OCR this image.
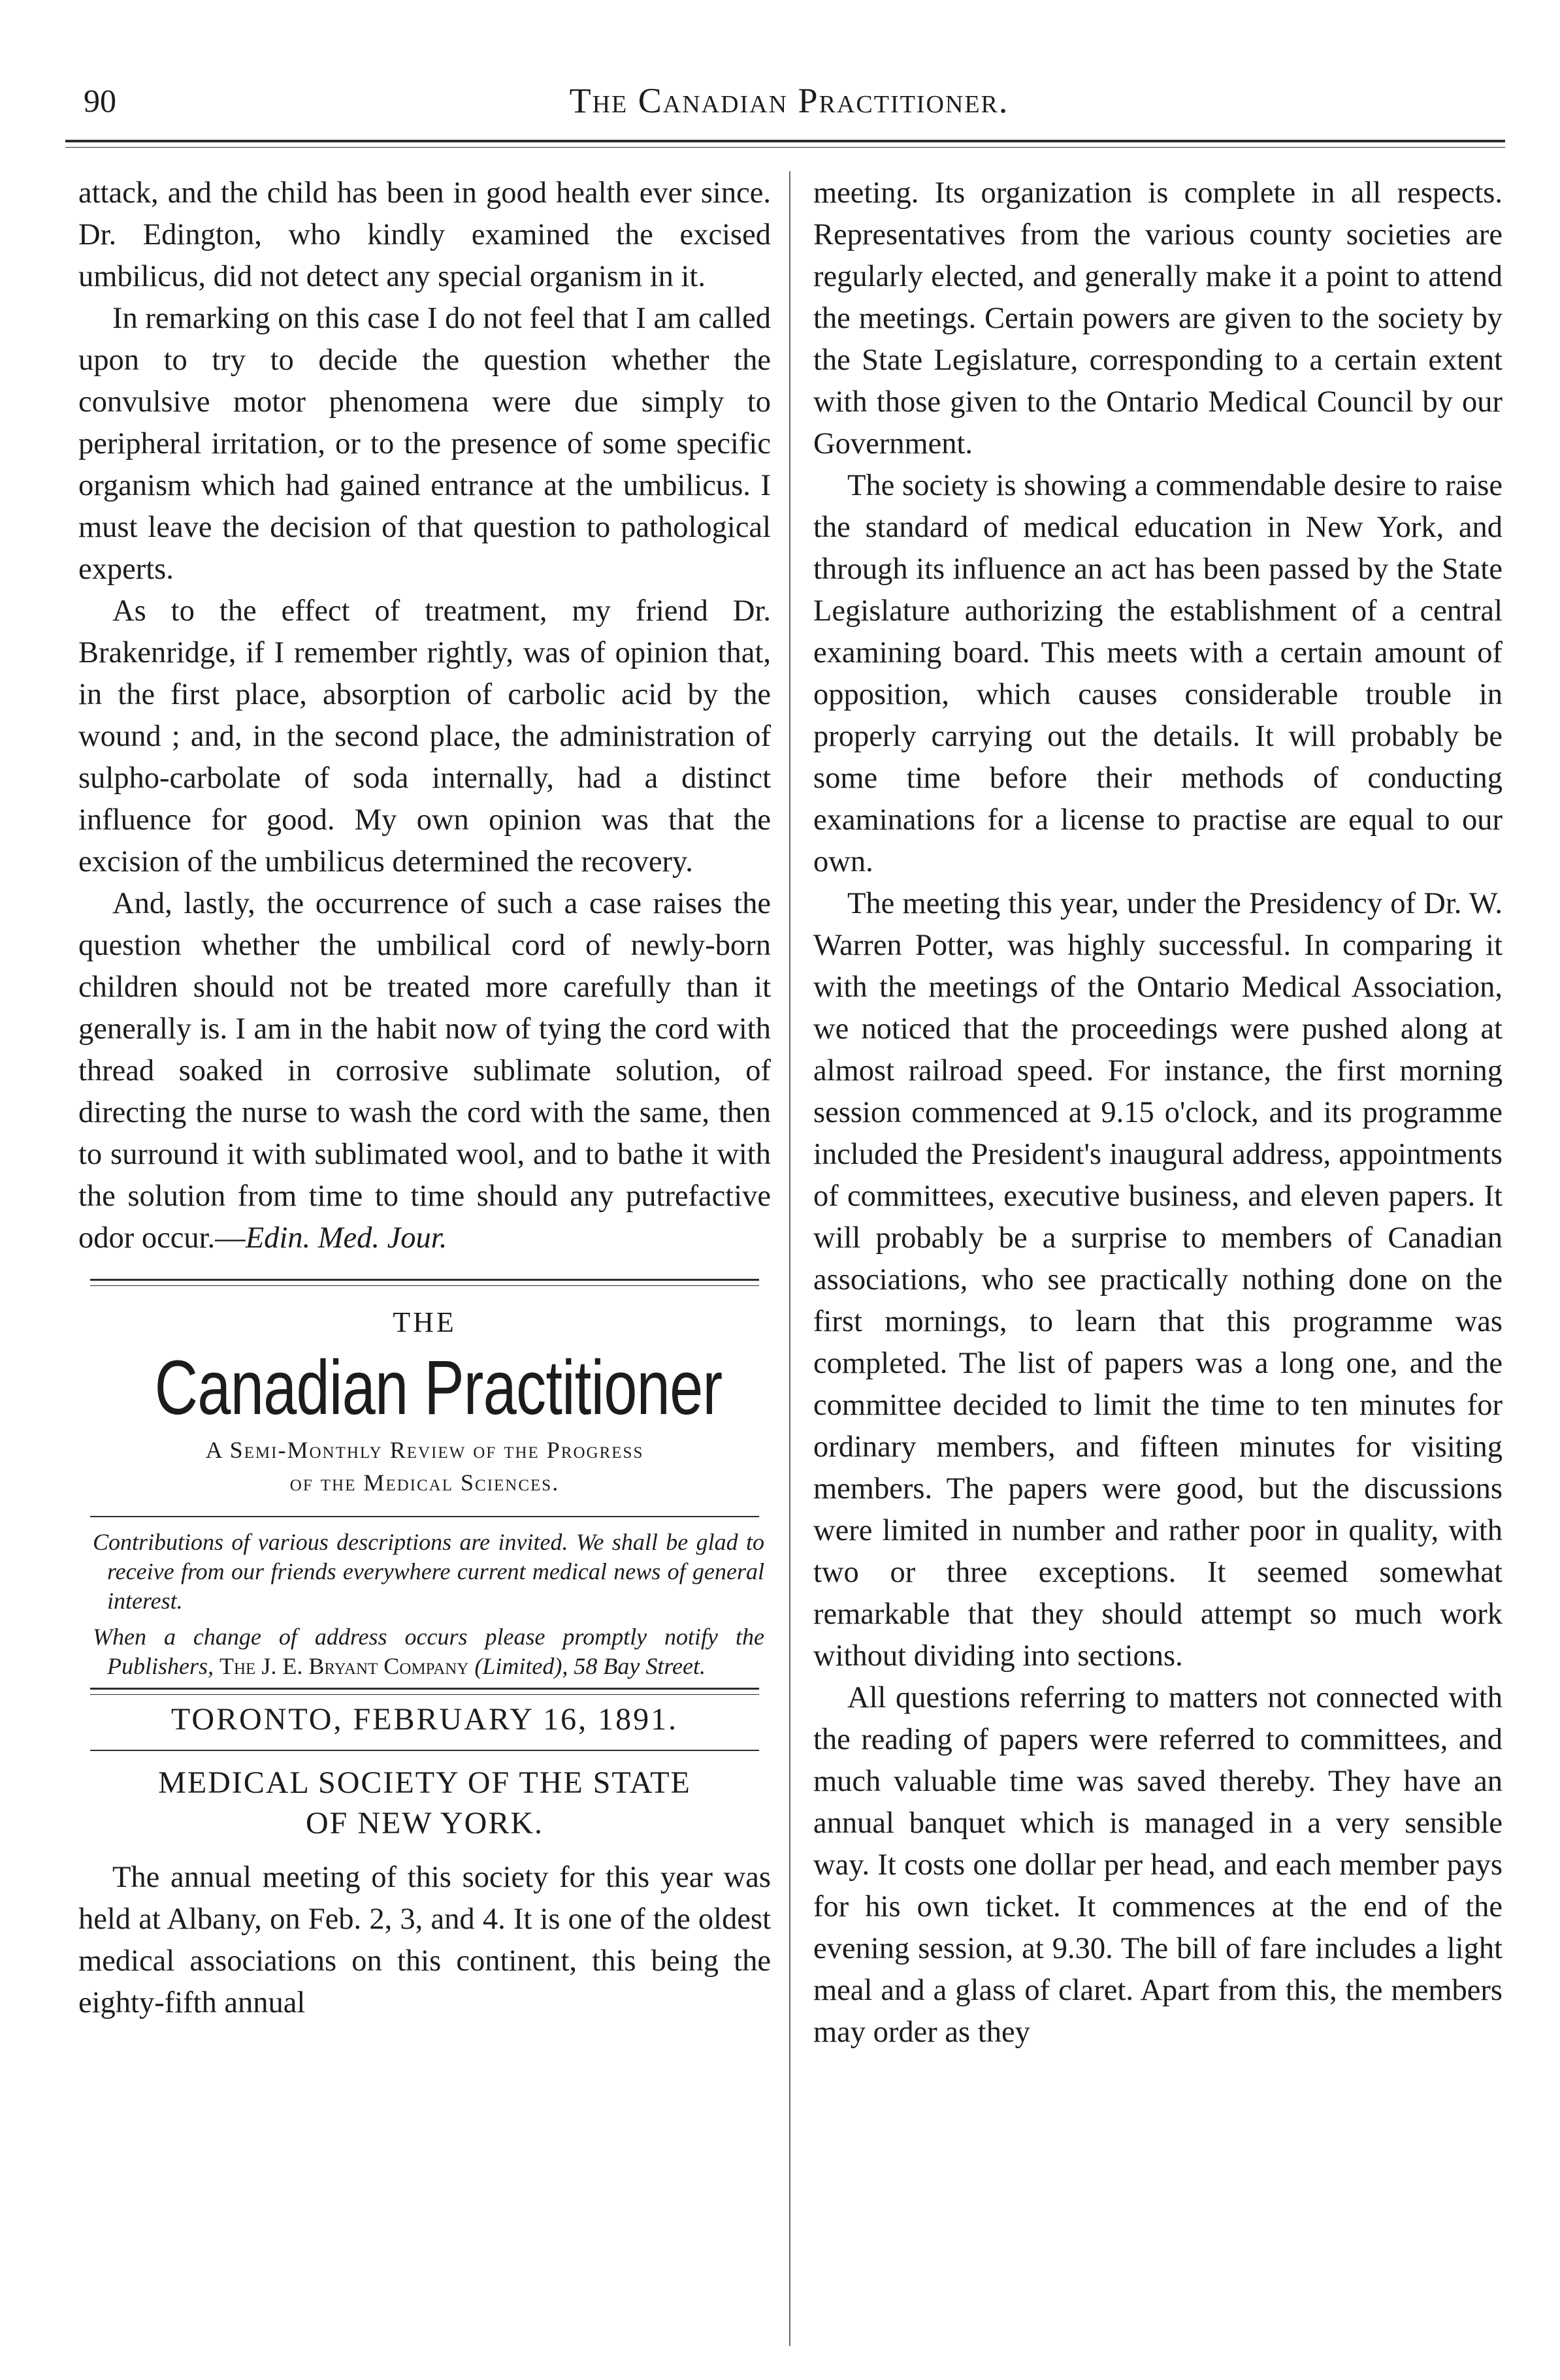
90	The Canadian Practitioner.

attack, and the child has been in good health ever since. Dr. Edington, who kindly examined the excised umbilicus, did not detect any special organism in it.

In remarking on this case I do not feel that I am called upon to try to decide the question whether the convulsive motor phenomena were due simply to peripheral irritation, or to the presence of some specific organism which had gained entrance at the umbilicus. I must leave the decision of that question to pathological experts.

As to the effect of treatment, my friend Dr. Brakenridge, if I remember rightly, was of opinion that, in the first place, absorption of carbolic acid by the wound ; and, in the second place, the administration of sulpho-carbolate of soda internally, had a distinct influence for good. My own opinion was that the excision of the umbilicus determined the recovery.

And, lastly, the occurrence of such a case raises the question whether the umbilical cord of newly-born children should not be treated more carefully than it generally is. I am in the habit now of tying the cord with thread soaked in corrosive sublimate solution, of directing the nurse to wash the cord with the same, then to surround it with sublimated wool, and to bathe it with the solution from time to time should any putrefactive odor occur.—Edin. Med. Jour.

THE
Canadian Practitioner
A Semi-Monthly Review of the Progress
of the Medical Sciences.

Contributions of various descriptions are invited. We shall be glad to receive from our friends everywhere current medical news of general interest.

When a change of address occurs please promptly notify the Publishers, The J. E. Bryant Company (Limited), 58 Bay Street.

TORONTO, FEBRUARY 16, 1891.
MEDICAL SOCIETY OF THE STATE
OF NEW YORK.

The annual meeting of this society for this year was held at Albany, on Feb. 2, 3, and 4. It is one of the oldest medical associations on this continent, this being the eighty-fifth annual

meeting. Its organization is complete in all respects. Representatives from the various county societies are regularly elected, and generally make it a point to attend the meetings. Certain powers are given to the society by the State Legislature, corresponding to a certain extent with those given to the Ontario Medical Council by our Government.

The society is showing a commendable desire to raise the standard of medical education in New York, and through its influence an act has been passed by the State Legislature authorizing the establishment of a central examining board. This meets with a certain amount of opposition, which causes considerable trouble in properly carrying out the details. It will probably be some time before their methods of conducting examinations for a license to practise are equal to our own.

The meeting this year, under the Presidency of Dr. W. Warren Potter, was highly successful. In comparing it with the meetings of the Ontario Medical Association, we noticed that the proceedings were pushed along at almost railroad speed. For instance, the first morning session commenced at 9.15 o'clock, and its programme included the President's inaugural address, appointments of committees, executive business, and eleven papers. It will probably be a surprise to members of Canadian associations, who see practically nothing done on the first mornings, to learn that this programme was completed. The list of papers was a long one, and the committee decided to limit the time to ten minutes for ordinary members, and fifteen minutes for visiting members. The papers were good, but the discussions were limited in number and rather poor in quality, with two or three exceptions. It seemed somewhat remarkable that they should attempt so much work without dividing into sections.

All questions referring to matters not connected with the reading of papers were referred to committees, and much valuable time was saved thereby. They have an annual banquet which is managed in a very sensible way. It costs one dollar per head, and each member pays for his own ticket. It commences at the end of the evening session, at 9.30. The bill of fare includes a light meal and a glass of claret. Apart from this, the members may order as they
